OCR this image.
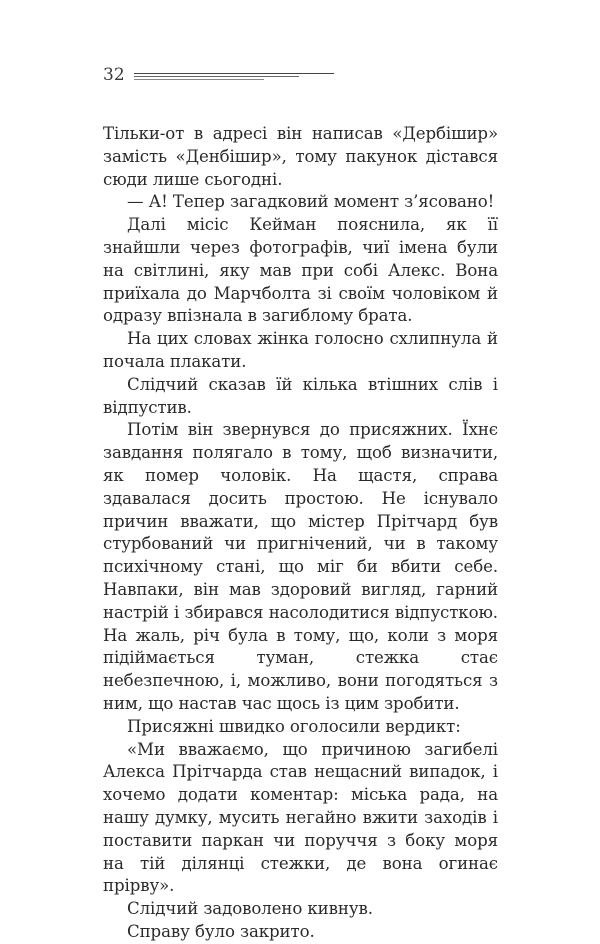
32

Тільки-от в адресі він написав «Дербішир» замість «Денбішир», тому пакунок дістався сюди лише сьогодні.

— А! Тепер загадковий момент з’ясовано!

Далі місіс Кейман пояснила, як її знайшли через фотографів, чиї імена були на світлині, яку мав при собі Алекс. Вона приїхала до Марчболта зі своїм чоловіком й одразу впізнала в загиблому брата.

На цих словах жінка голосно схлипнула й почала плакати.

Слідчий сказав їй кілька втішних слів і відпустив.

Потім він звернувся до присяжних. Їхнє завдання полягало в тому, щоб визначити, як помер чоловік. На щастя, справа здавалася досить простою. Не існувало причин вважати, що містер Прітчард був стурбований чи пригнічений, чи в такому психічному стані, що міг би вбити себе. Навпаки, він мав здоровий вигляд, гарний настрій і збирався насолодитися відпусткою. На жаль, річ була в тому, що, коли з моря підіймається туман, стежка стає небезпечною, і, можливо, вони погодяться з ним, що настав час щось із цим зробити.

Присяжні швидко оголосили вердикт:

«Ми вважаємо, що причиною загибелі Алекса Прітчарда став нещасний випадок, і хочемо додати коментар: міська рада, на нашу думку, мусить негайно вжити заходів і поставити паркан чи поруччя з боку моря на тій ділянці стежки, де вона огинає прірву».

Слідчий задоволено кивнув.

Справу було закрито.
